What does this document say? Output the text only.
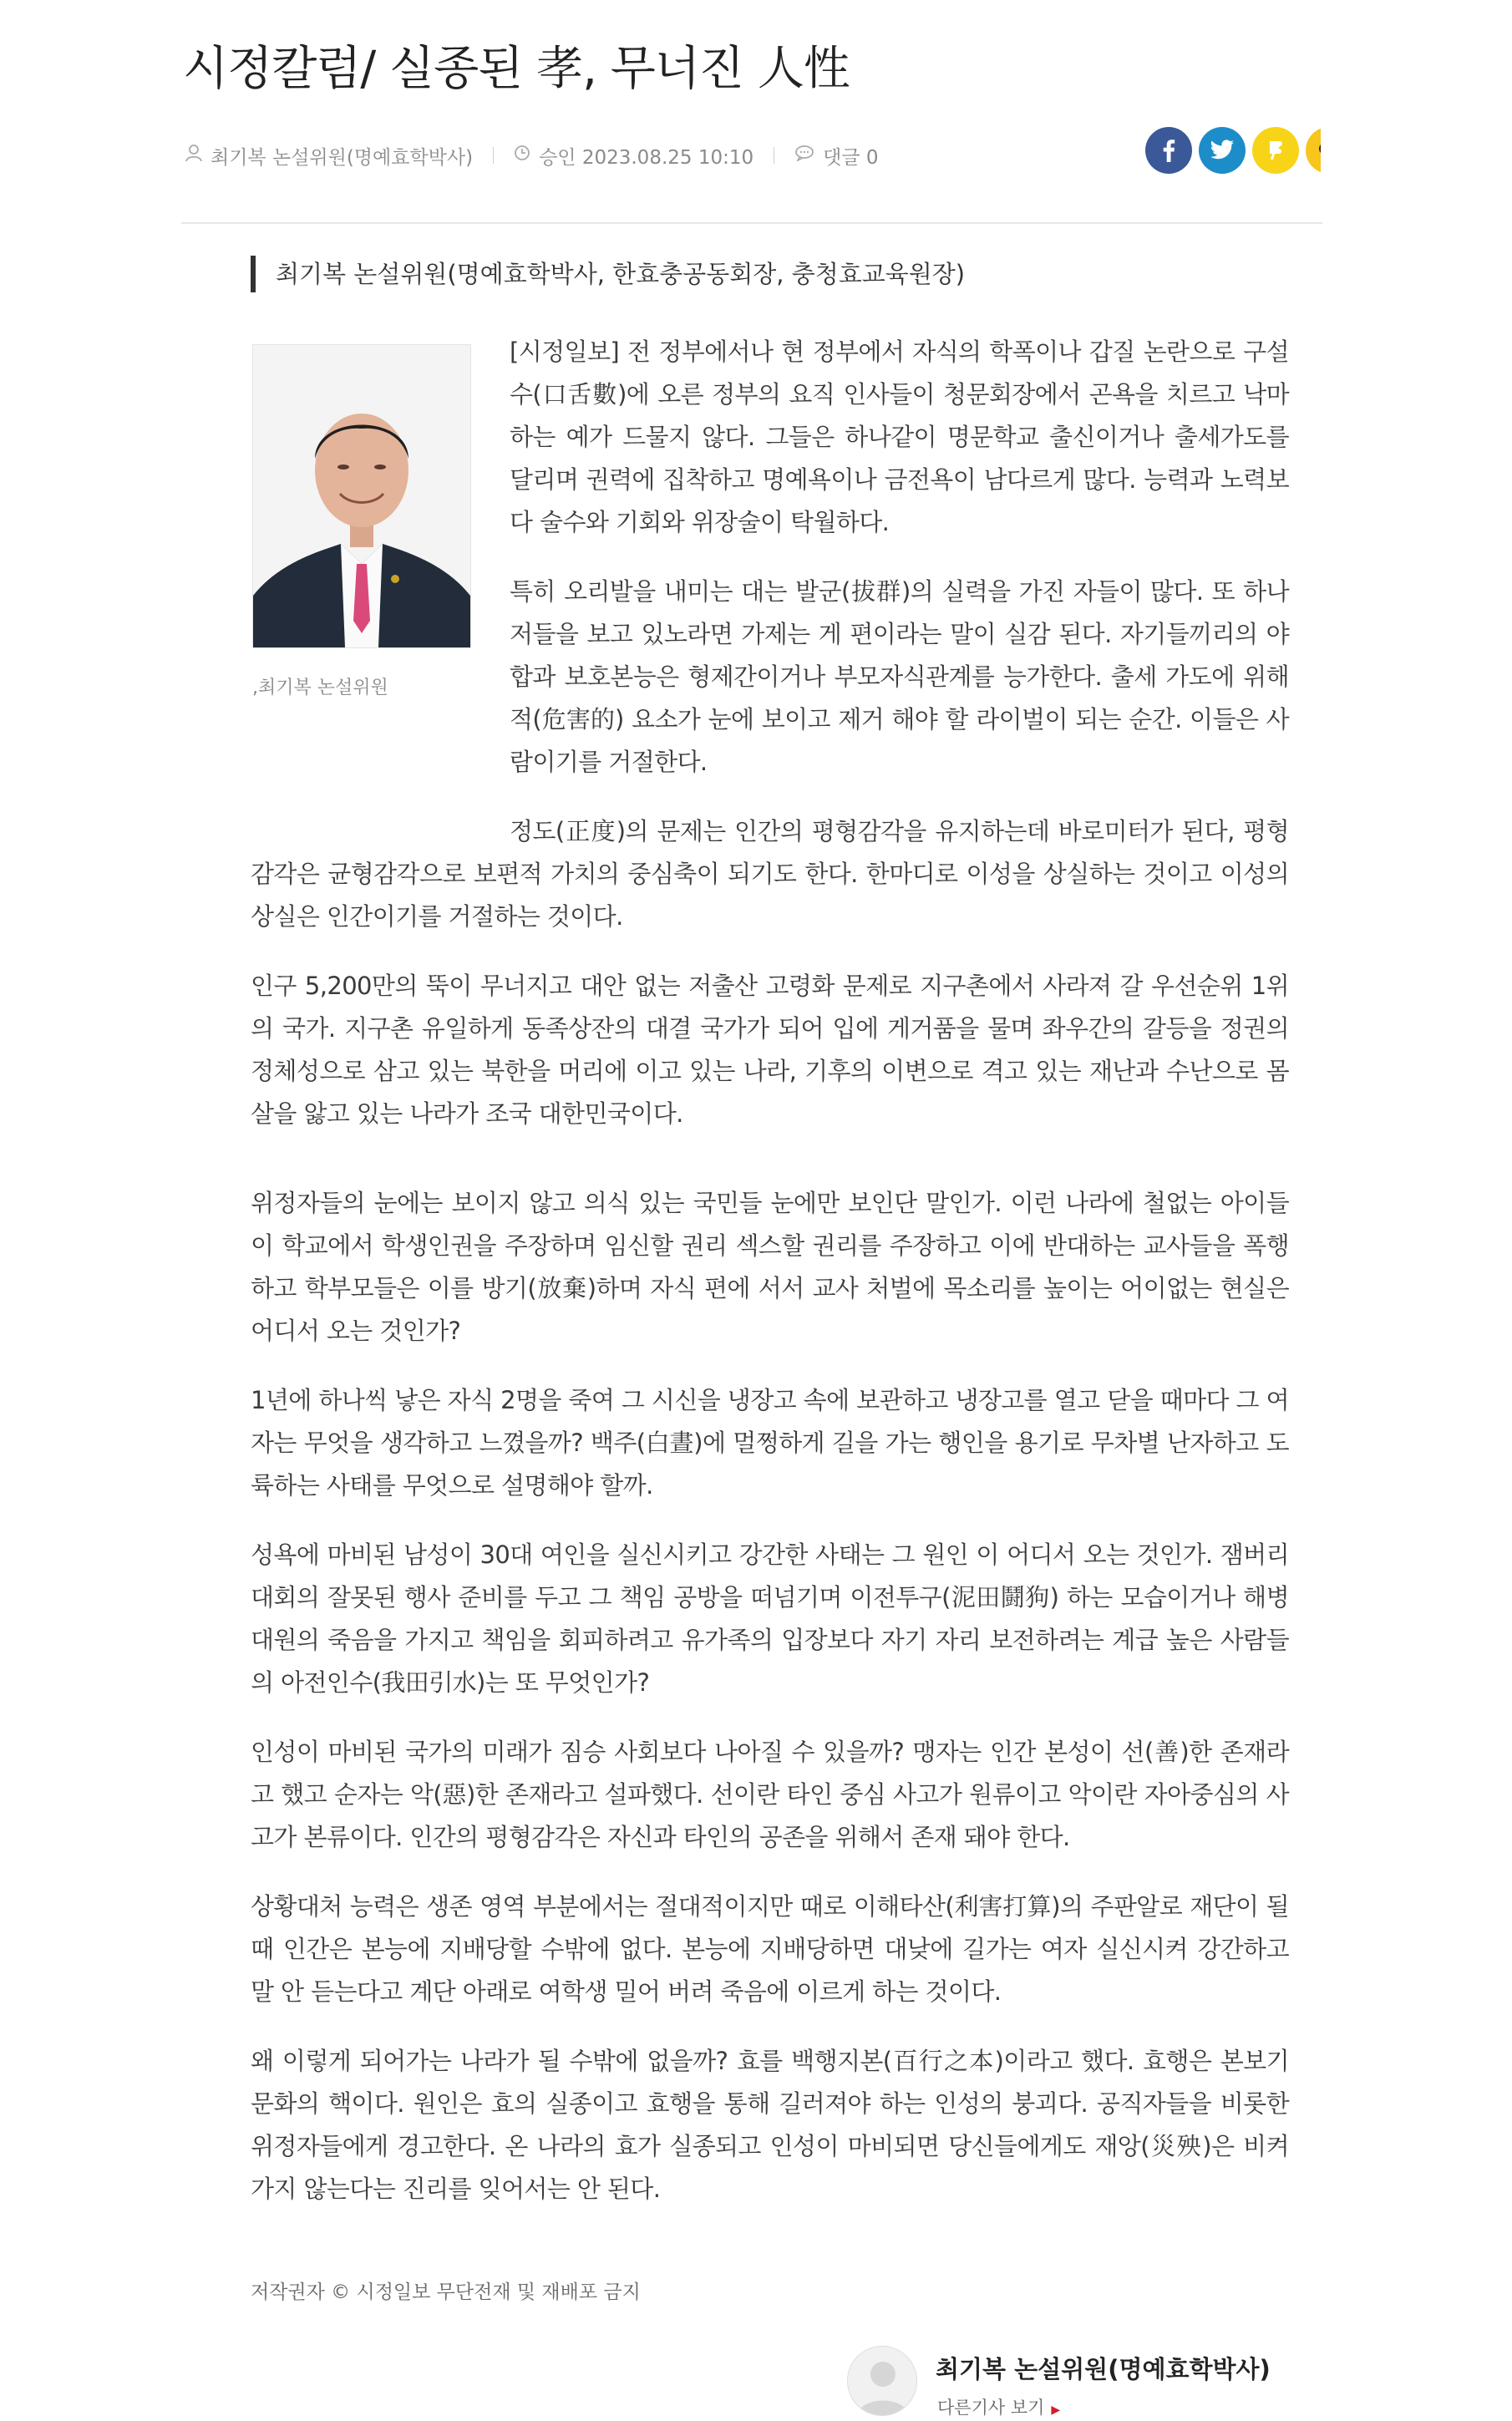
시정칼럼/ 실종된 孝, 무너진 人性
최기복 논설위원(명예효학박사)	승인 2023.08.25 10:10	댓글 0
최기복 논설위원(명예효학박사, 한효충공동회장, 충청효교육원장)
,최기복 논설위원

[시정일보] 전 정부에서나 현 정부에서 자식의 학폭이나 갑질 논란으로 구설수(口舌數)에 오른 정부의 요직 인사들이 청문회장에서 곤욕을 치르고 낙마하는 예가 드물지 않다. 그들은 하나같이 명문학교 출신이거나 출세가도를 달리며 권력에 집착하고 명예욕이나 금전욕이 남다르게 많다. 능력과 노력보다 술수와 기회와 위장술이 탁월하다.

특히 오리발을 내미는 대는 발군(拔群)의 실력을 가진 자들이 많다. 또 하나 저들을 보고 있노라면 가제는 게 편이라는 말이 실감 된다. 자기들끼리의 야합과 보호본능은 형제간이거나 부모자식관계를 능가한다. 출세 가도에 위해적(危害的) 요소가 눈에 보이고 제거 해야 할 라이벌이 되는 순간. 이들은 사람이기를 거절한다.

정도(正度)의 문제는 인간의 평형감각을 유지하는데 바로미터가 된다, 평형감각은 균형감각으로 보편적 가치의 중심축이 되기도 한다. 한마디로 이성을 상실하는 것이고 이성의 상실은 인간이기를 거절하는 것이다.

인구 5,200만의 뚝이 무너지고 대안 없는 저출산 고령화 문제로 지구촌에서 사라져 갈 우선순위 1위의 국가. 지구촌 유일하게 동족상잔의 대결 국가가 되어 입에 게거품을 물며 좌우간의 갈등을 정권의 정체성으로 삼고 있는 북한을 머리에 이고 있는 나라, 기후의 이변으로 격고 있는 재난과 수난으로 몸살을 앓고 있는 나라가 조국 대한민국이다.

위정자들의 눈에는 보이지 않고 의식 있는 국민들 눈에만 보인단 말인가. 이런 나라에 철없는 아이들이 학교에서 학생인권을 주장하며 임신할 권리 섹스할 권리를 주장하고 이에 반대하는 교사들을 폭행하고 학부모들은 이를 방기(放棄)하며 자식 편에 서서 교사 처벌에 목소리를 높이는 어이없는 현실은 어디서 오는 것인가?

1년에 하나씩 낳은 자식 2명을 죽여 그 시신을 냉장고 속에 보관하고 냉장고를 열고 닫을 때마다 그 여자는 무엇을 생각하고 느꼈을까? 백주(白晝)에 멀쩡하게 길을 가는 행인을 용기로 무차별 난자하고 도륙하는 사태를 무엇으로 설명해야 할까.

성욕에 마비된 남성이 30대 여인을 실신시키고 강간한 사태는 그 원인 이 어디서 오는 것인가. 잼버리 대회의 잘못된 행사 준비를 두고 그 책임 공방을 떠넘기며 이전투구(泥田鬪狗) 하는 모습이거나 해병대원의 죽음을 가지고 책임을 회피하려고 유가족의 입장보다 자기 자리 보전하려는 계급 높은 사람들의 아전인수(我田引水)는 또 무엇인가?

인성이 마비된 국가의 미래가 짐승 사회보다 나아질 수 있을까? 맹자는 인간 본성이 선(善)한 존재라고 했고 순자는 악(惡)한 존재라고 설파했다. 선이란 타인 중심 사고가 원류이고 악이란 자아중심의 사고가 본류이다. 인간의 평형감각은 자신과 타인의 공존을 위해서 존재 돼야 한다.

상황대처 능력은 생존 영역 부분에서는 절대적이지만 때로 이해타산(利害打算)의 주판알로 재단이 될 때 인간은 본능에 지배당할 수밖에 없다. 본능에 지배당하면 대낮에 길가는 여자 실신시켜 강간하고 말 안 듣는다고 계단 아래로 여학생 밀어 버려 죽음에 이르게 하는 것이다.

왜 이렇게 되어가는 나라가 될 수밖에 없을까? 효를 백행지본(百行之本)이라고 했다. 효행은 본보기 문화의 핵이다. 원인은 효의 실종이고 효행을 통해 길러져야 하는 인성의 붕괴다. 공직자들을 비롯한 위정자들에게 경고한다. 온 나라의 효가 실종되고 인성이 마비되면 당신들에게도 재앙(災殃)은 비켜 가지 않는다는 진리를 잊어서는 안 된다.

저작권자 © 시정일보 무단전재 및 재배포 금지
최기복 논설위원(명예효학박사)
다른기사 보기 ▶
